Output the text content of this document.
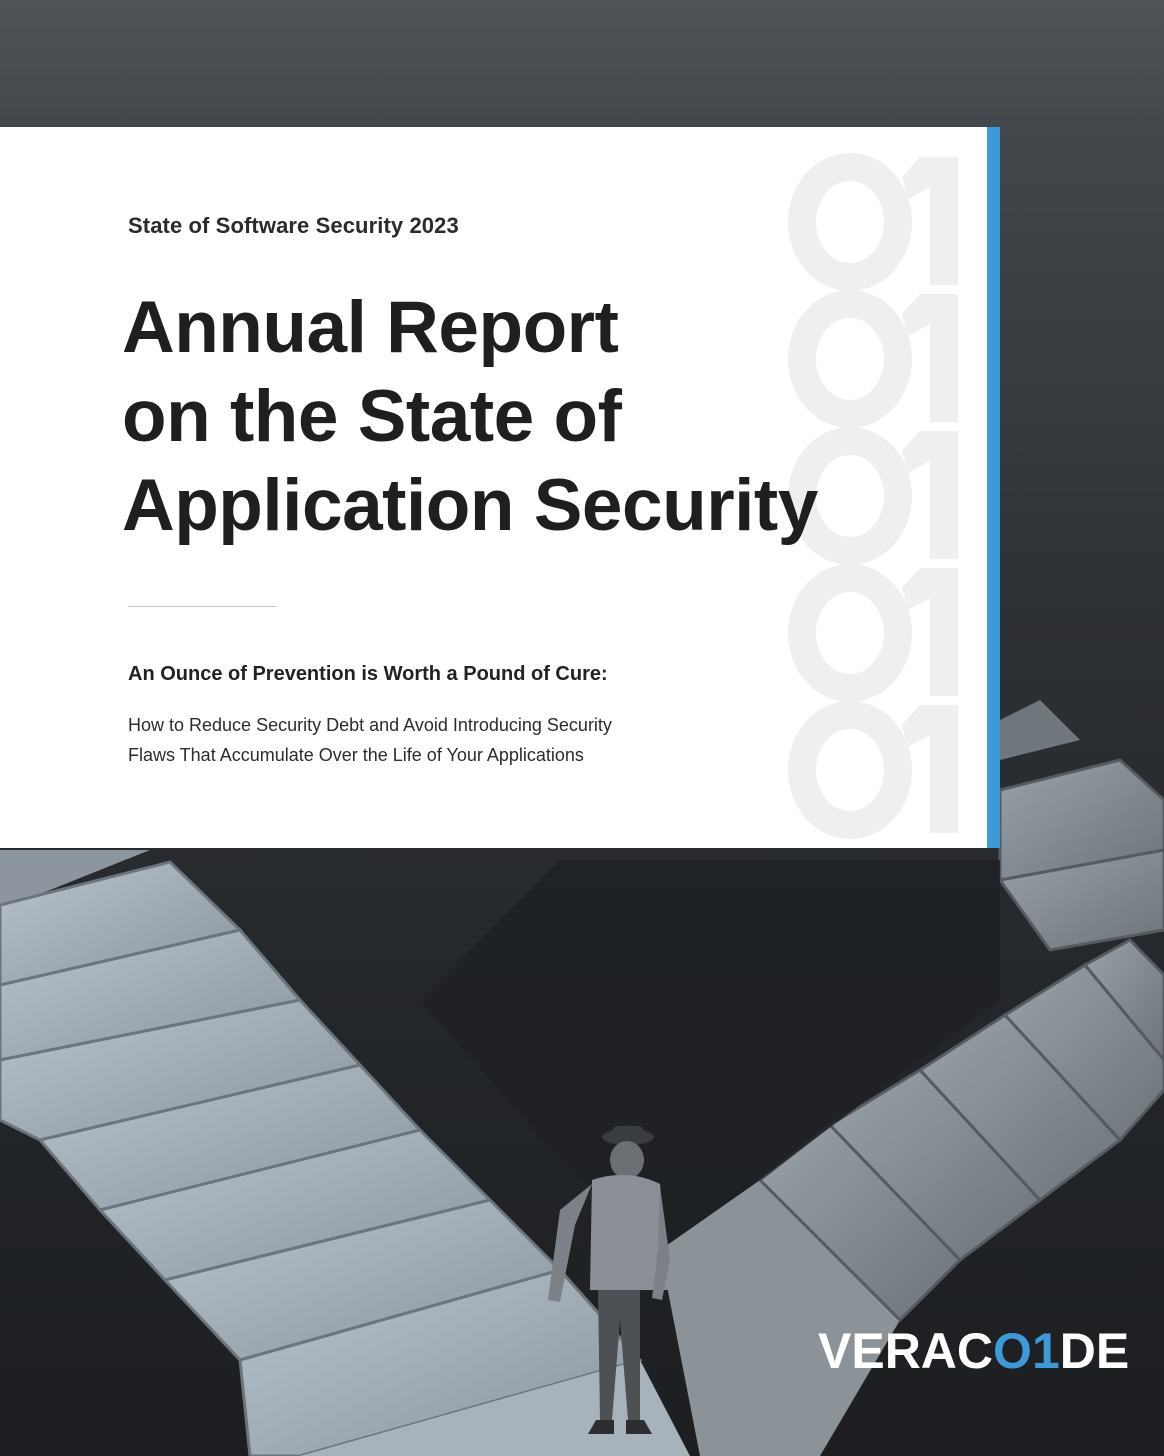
State of Software Security 2023
Annual Report
on the State of
Application Security
An Ounce of Prevention is Worth a Pound of Cure:
How to Reduce Security Debt and Avoid Introducing Security
Flaws That Accumulate Over the Life of Your Applications
VERACO1DE
